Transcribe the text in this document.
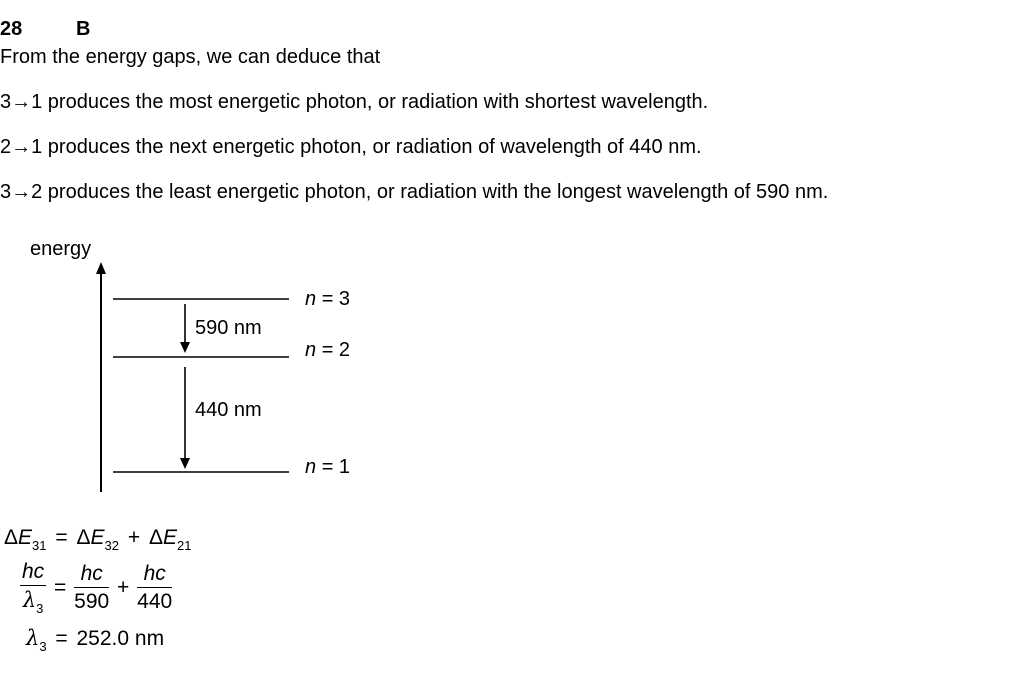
28	B
From the energy gaps, we can deduce that
3→1 produces the most energetic photon, or radiation with shortest wavelength.
2→1 produces the next energetic photon, or radiation of wavelength of 440 nm.
3→2 produces the least energetic photon, or radiation with the longest wavelength of 590 nm.
energy
590 nm
440 nm
n = 3
n = 2
n = 1
$\Delta E_{31} = \Delta E_{32} + \Delta E_{21}$
$\frac{hc}{\lambda_3} = \frac{hc}{590} + \frac{hc}{440}$
$\lambda_3 = 252.0$ nm
